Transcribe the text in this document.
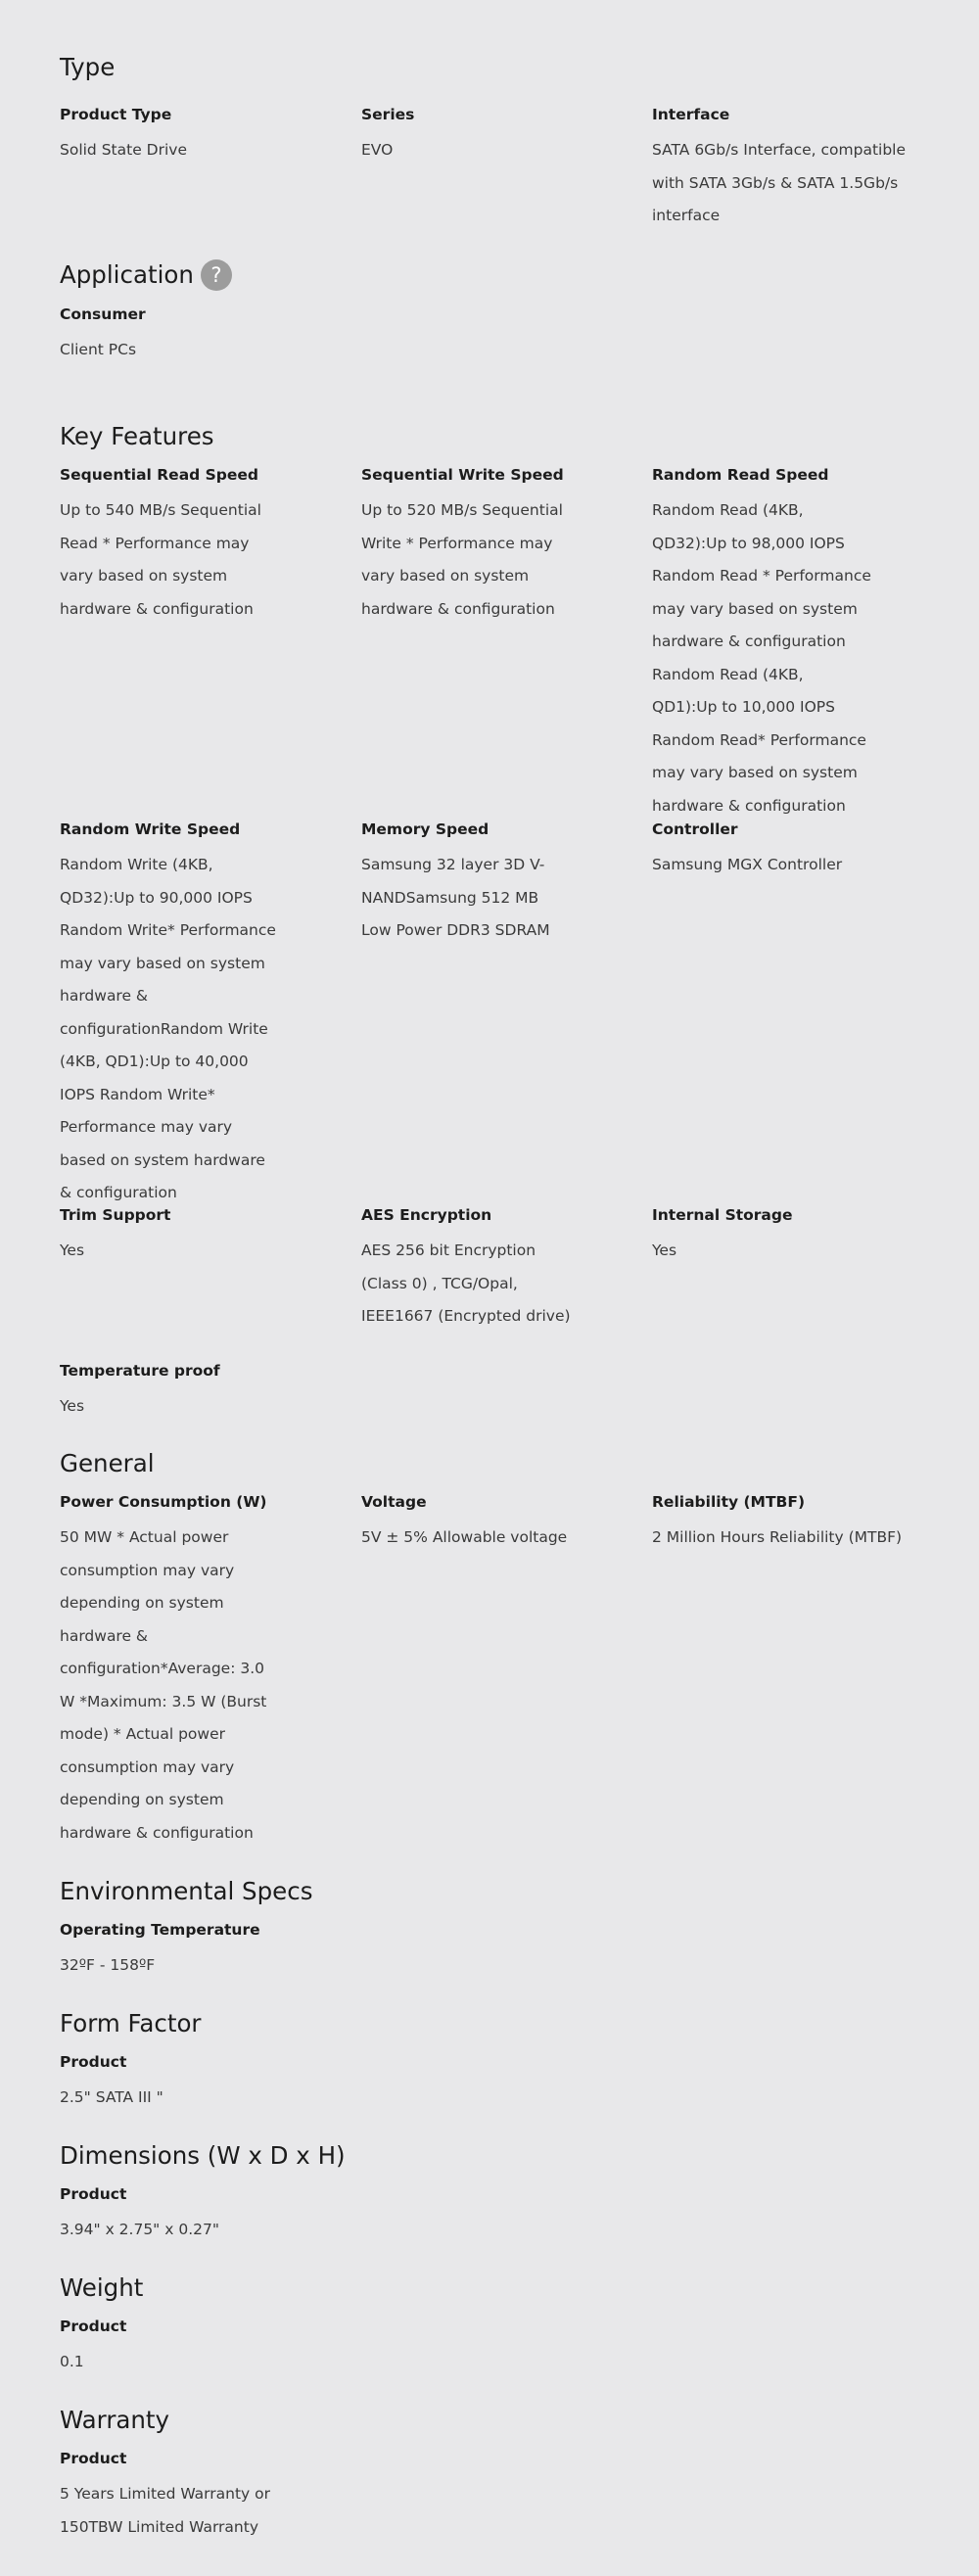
Type
Product Type
Solid State Drive
Series
EVO
Interface
SATA 6Gb/s Interface, compatible with SATA 3Gb/s & SATA 1.5Gb/s interface
Application ?
Consumer
Client PCs
Key Features
Sequential Read Speed
Up to 540 MB/s Sequential Read * Performance may vary based on system hardware & configuration
Sequential Write Speed
Up to 520 MB/s Sequential Write * Performance may vary based on system hardware & configuration
Random Read Speed
Random Read (4KB, QD32):Up to 98,000 IOPS Random Read * Performance may vary based on system hardware & configuration Random Read (4KB, QD1):Up to 10,000 IOPS Random Read* Performance may vary based on system hardware & configuration
Random Write Speed
Random Write (4KB, QD32):Up to 90,000 IOPS Random Write* Performance may vary based on system hardware & configurationRandom Write (4KB, QD1):Up to 40,000 IOPS Random Write* Performance may vary based on system hardware & configuration
Memory Speed
Samsung 32 layer 3D V-NANDSamsung 512 MB Low Power DDR3 SDRAM
Controller
Samsung MGX Controller
Trim Support
Yes
AES Encryption
AES 256 bit Encryption (Class 0) , TCG/Opal, IEEE1667 (Encrypted drive)
Internal Storage
Yes
Temperature proof
Yes
General
Power Consumption (W)
50 MW * Actual power consumption may vary depending on system hardware & configuration*Average: 3.0 W *Maximum: 3.5 W (Burst mode) * Actual power consumption may vary depending on system hardware & configuration
Voltage
5V ± 5% Allowable voltage
Reliability (MTBF)
2 Million Hours Reliability (MTBF)
Environmental Specs
Operating Temperature
32ºF - 158ºF
Form Factor
Product
2.5" SATA III "
Dimensions (W x D x H)
Product
3.94" x 2.75" x 0.27"
Weight
Product
0.1
Warranty
Product
5 Years Limited Warranty or 150TBW Limited Warranty
